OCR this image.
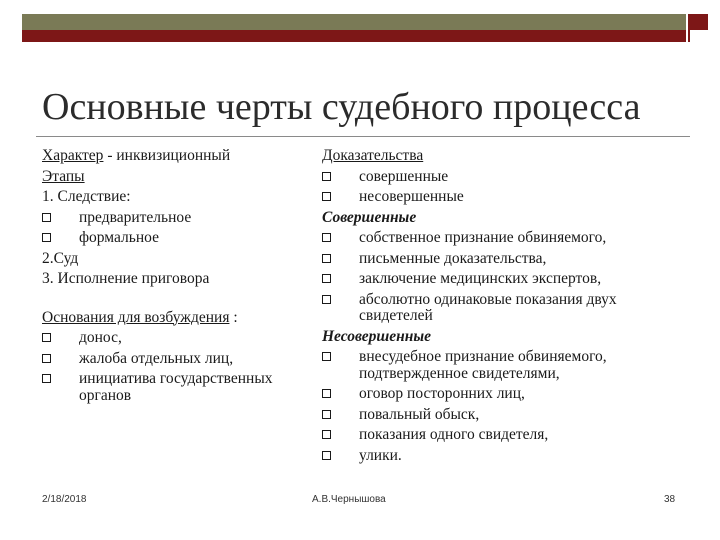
Основные черты судебного процесса
Характер - инквизиционный
Этапы
1. Следствие:
предварительное
формальное
2.Суд
3. Исполнение приговора
Основания для возбуждения :
донос,
жалоба отдельных лиц,
инициатива государственных
органов
Доказательства
совершенные
несовершенные
Совершенные
собственное признание обвиняемого,
письменные доказательства,
заключение медицинских экспертов,
абсолютно одинаковые показания двух
свидетелей
Несовершенные
внесудебное признание обвиняемого,
подтвержденное свидетелями,
оговор посторонних лиц,
повальный обыск,
показания одного свидетеля,
улики.
2/18/2018	А.В.Чернышова	38
